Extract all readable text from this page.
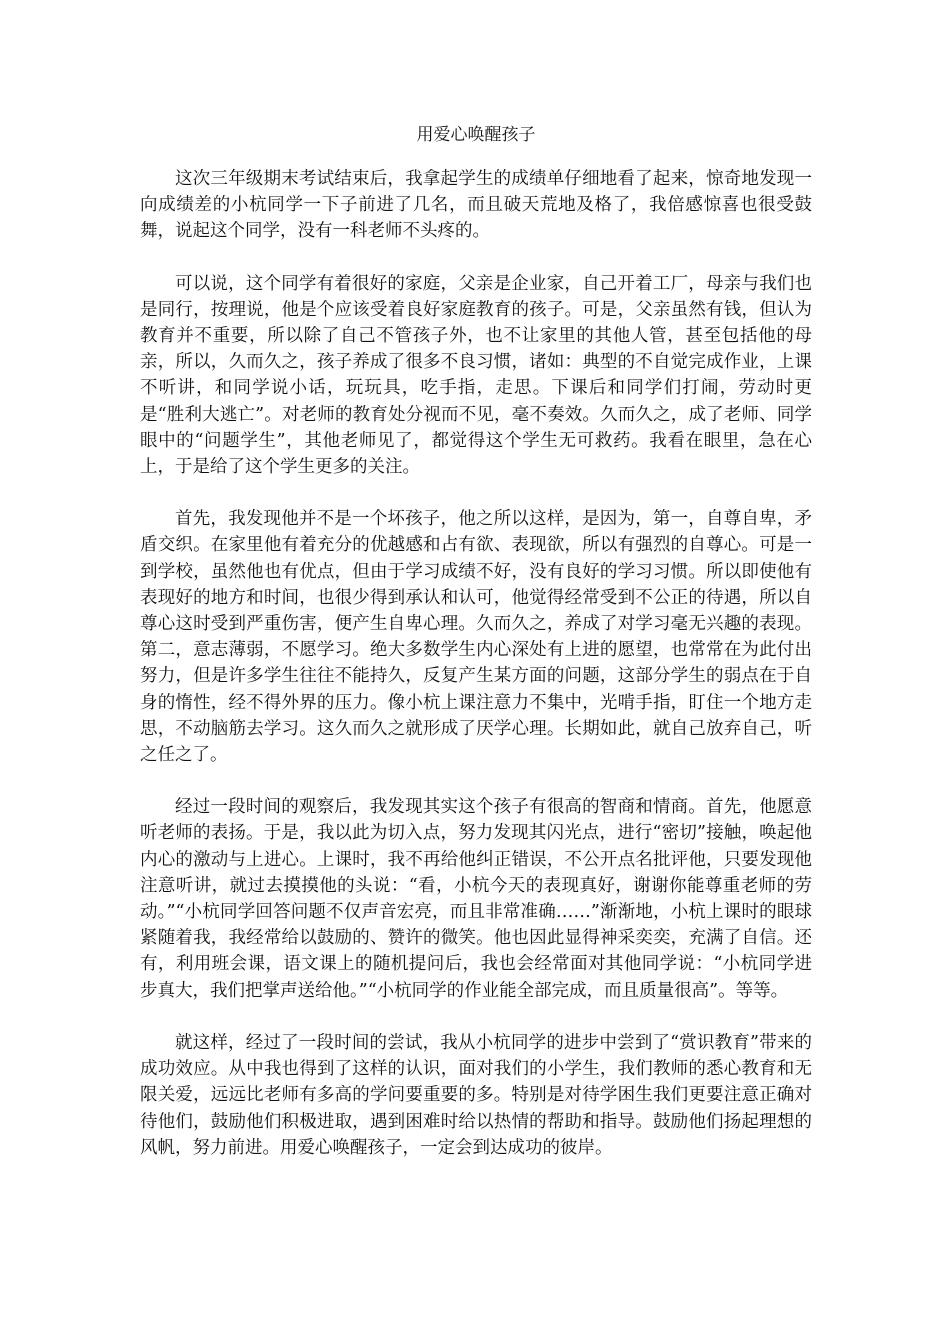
用爱心唤醒孩子

这次三年级期末考试结束后，我拿起学生的成绩单仔细地看了起来，惊奇地发现一向成绩差的小杭同学一下子前进了几名，而且破天荒地及格了，我倍感惊喜也很受鼓舞，说起这个同学，没有一科老师不头疼的。

可以说，这个同学有着很好的家庭，父亲是企业家，自己开着工厂，母亲与我们也是同行，按理说，他是个应该受着良好家庭教育的孩子。可是，父亲虽然有钱，但认为教育并不重要，所以除了自己不管孩子外，也不让家里的其他人管，甚至包括他的母亲，所以，久而久之，孩子养成了很多不良习惯，诸如：典型的不自觉完成作业，上课不听讲，和同学说小话，玩玩具，吃手指，走思。下课后和同学们打闹，劳动时更是“胜利大逃亡”。对老师的教育处分视而不见，毫不奏效。久而久之，成了老师、同学眼中的“问题学生”，其他老师见了，都觉得这个学生无可救药。我看在眼里，急在心上，于是给了这个学生更多的关注。

首先，我发现他并不是一个坏孩子，他之所以这样，是因为，第一，自尊自卑，矛盾交织。在家里他有着充分的优越感和占有欲、表现欲，所以有强烈的自尊心。可是一到学校，虽然他也有优点，但由于学习成绩不好，没有良好的学习习惯。所以即使他有表现好的地方和时间，也很少得到承认和认可，他觉得经常受到不公正的待遇，所以自尊心这时受到严重伤害，便产生自卑心理。久而久之，养成了对学习毫无兴趣的表现。第二，意志薄弱，不愿学习。绝大多数学生内心深处有上进的愿望，也常常在为此付出努力，但是许多学生往往不能持久，反复产生某方面的问题，这部分学生的弱点在于自身的惰性，经不得外界的压力。像小杭上课注意力不集中，光啃手指，盯住一个地方走思，不动脑筋去学习。这久而久之就形成了厌学心理。长期如此，就自己放弃自己，听之任之了。

经过一段时间的观察后，我发现其实这个孩子有很高的智商和情商。首先，他愿意听老师的表扬。于是，我以此为切入点，努力发现其闪光点，进行“密切”接触，唤起他内心的激动与上进心。上课时，我不再给他纠正错误，不公开点名批评他，只要发现他注意听讲，就过去摸摸他的头说：“看，小杭今天的表现真好，谢谢你能尊重老师的劳动。”“小杭同学回答问题不仅声音宏亮，而且非常准确……”渐渐地，小杭上课时的眼球紧随着我，我经常给以鼓励的、赞许的微笑。他也因此显得神采奕奕，充满了自信。还有，利用班会课，语文课上的随机提问后，我也会经常面对其他同学说：“小杭同学进步真大，我们把掌声送给他。”“小杭同学的作业能全部完成，而且质量很高”。等等。

就这样，经过了一段时间的尝试，我从小杭同学的进步中尝到了“赏识教育”带来的成功效应。从中我也得到了这样的认识，面对我们的小学生，我们教师的悉心教育和无限关爱，远远比老师有多高的学问要重要的多。特别是对待学困生我们更要注意正确对待他们，鼓励他们积极进取，遇到困难时给以热情的帮助和指导。鼓励他们扬起理想的风帆，努力前进。用爱心唤醒孩子，一定会到达成功的彼岸。
